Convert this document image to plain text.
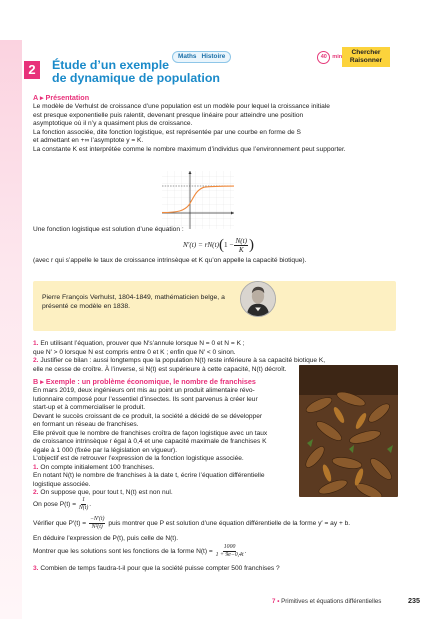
Maths Histoire	40 min
Chercher
Raisonner
2	Étude d’un exemple
de dynamique de population
A ▸ Présentation
Le modèle de Verhulst de croissance d’une population est un modèle pour lequel la croissance initiale
est presque exponentielle puis ralentit, devenant presque linéaire pour atteindre une position
asymptotique où il n’y a quasiment plus de croissance.
La fonction associée, dite fonction logistique, est représentée par une courbe en forme de S
et admettant en +∞ l’asymptote y = K.
La constante K est interprétée comme le nombre maximum d’individus que l’environnement peut supporter.
Une fonction logistique est solution d’une équation :
N′(t) = rN(t) ( $1 - \frac{N(t)}{K}$ )
(avec r qui s’appelle le taux de croissance intrinsèque et K qu’on appelle la capacité biotique).
Pierre François Verhulst, 1804-1849, mathématicien belge, a présenté ce modèle en 1838.
1. En utilisant l’équation, prouver que N′s’annule lorsque N = 0 et N = K ;
que N′ > 0 lorsque N est compris entre 0 et K ; enfin que N′ < 0 sinon.
2. Justifier ce bilan : aussi longtemps que la population N(t) reste inférieure à sa capacité biotique K,
elle ne cesse de croître. À l’inverse, si N(t) est supérieure à cette capacité, N(t) décroît.
B ▸ Exemple : un problème économique, le nombre de franchises
En mars 2019, deux ingénieurs ont mis au point un produit alimentaire révo-
lutionnaire composé pour l’essentiel d’insectes. Ils sont parvenus à créer leur
start-up et à commercialiser le produit.
Devant le succès croissant de ce produit, la société a décidé de se développer
en formant un réseau de franchises.
Elle prévoit que le nombre de franchises croîtra de façon logistique avec un taux
de croissance intrinsèque r égal à 0,4 et une capacité maximale de franchises K
égale à 1 000 (fixée par la législation en vigueur).
L’objectif est de retrouver l’expression de la fonction logistique associée.
1. On compte initialement 100 franchises.
En notant N(t) le nombre de franchises à la date t, écrire l’équation différentielle
logistique associée.
2. On suppose que, pour tout t, N(t) est non nul.
On pose $P(t) = \frac{1}{N(t)}$ .
Vérifier que $P'(t) = \frac{-N'(t)}{\text{N²(t)}}$ puis montrer que P est solution d’une équation différentielle de la forme y′ = ay + b.
En déduire l’expression de P(t), puis celle de N(t).
Montrer que les solutions sont les fonctions de la forme $N(t) = \frac{1000}{1 + 9e-0,4t}$ .
3. Combien de temps faudra-t-il pour que la société puisse compter 500 franchises ?
7 • Primitives et équations différentielles	235
